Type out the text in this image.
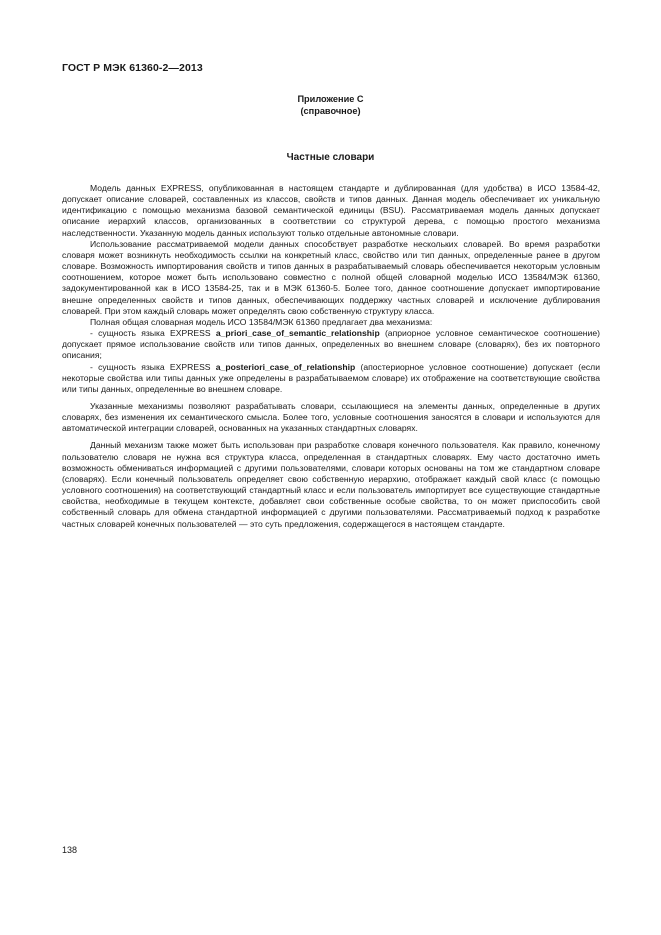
ГОСТ Р МЭК 61360-2—2013
Приложение С
(справочное)
Частные словари

Модель данных EXPRESS, опубликованная в настоящем стандарте и дублированная (для удобства) в ИСО 13584-42, допускает описание словарей, составленных из классов, свойств и типов данных. Данная модель обеспечивает их уникальную идентификацию с помощью механизма базовой семантической единицы (BSU). Рассматриваемая модель данных допускает описание иерархий классов, организованных в соответствии со структурой дерева, с помощью простого механизма наследственности. Указанную модель данных используют только отдельные автономные словари.

Использование рассматриваемой модели данных способствует разработке нескольких словарей. Во время разработки словаря может возникнуть необходимость ссылки на конкретный класс, свойство или тип данных, определенные ранее в другом словаре. Возможность импортирования свойств и типов данных в разрабатываемый словарь обеспечивается некоторым условным соотношением, которое может быть использовано совместно с полной общей словарной моделью ИСО 13584/МЭК 61360, задокументированной как в ИСО 13584-25, так и в МЭК 61360-5. Более того, данное соотношение допускает импортирование внешне определенных свойств и типов данных, обеспечивающих поддержку частных словарей и исключение дублирования словарей. При этом каждый словарь может определять свою собственную структуру класса.

Полная общая словарная модель ИСО 13584/МЭК 61360 предлагает два механизма:

- сущность языка EXPRESS a_priori_case_of_semantic_relationship (априорное условное семантическое соотношение) допускает прямое использование свойств или типов данных, определенных во внешнем словаре (словарях), без их повторного описания;

- сущность языка EXPRESS a_posteriori_case_of_relationship (апостериорное условное соотношение) допускает (если некоторые свойства или типы данных уже определены в разрабатываемом словаре) их отображение на соответствующие свойства или типы данных, определенные во внешнем словаре.

Указанные механизмы позволяют разрабатывать словари, ссылающиеся на элементы данных, определенные в других словарях, без изменения их семантического смысла. Более того, условные соотношения заносятся в словари и используются для автоматической интеграции словарей, основанных на указанных стандартных словарях.

Данный механизм также может быть использован при разработке словаря конечного пользователя. Как правило, конечному пользователю словаря не нужна вся структура класса, определенная в стандартных словарях. Ему часто достаточно иметь возможность обмениваться информацией с другими пользователями, словари которых основаны на том же стандартном словаре (словарях). Если конечный пользователь определяет свою собственную иерархию, отображает каждый свой класс (с помощью условного соотношения) на соответствующий стандартный класс и если пользователь импортирует все существующие стандартные свойства, необходимые в текущем контексте, добавляет свои собственные особые свойства, то он может приспособить свой собственный словарь для обмена стандартной информацией с другими пользователями. Рассматриваемый подход к разработке частных словарей конечных пользователей — это суть предложения, содержащегося в настоящем стандарте.

138
